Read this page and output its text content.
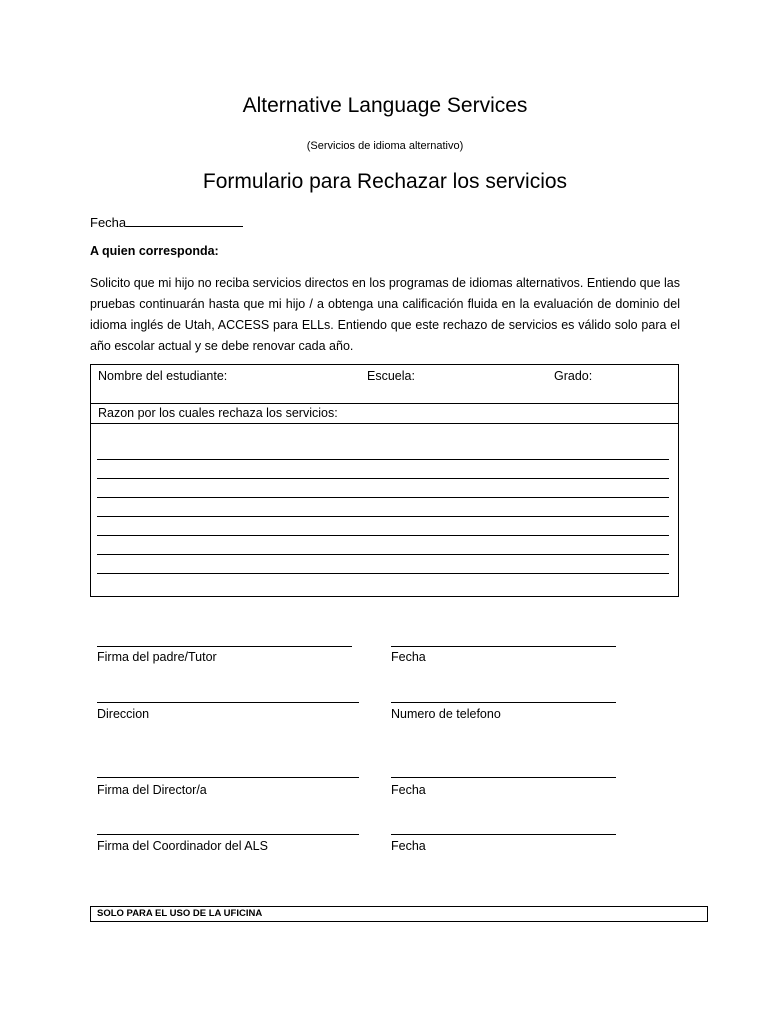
Alternative Language Services
(Servicios de idioma alternativo)
Formulario para Rechazar los servicios
Fecha
A quien corresponda:
Solicito que mi hijo no reciba servicios directos en los programas de idiomas alternativos. Entiendo que las pruebas continuarán hasta que mi hijo / a obtenga una calificación fluida en la evaluación de dominio del idioma inglés de Utah, ACCESS para ELLs. Entiendo que este rechazo de servicios es válido solo para el año escolar actual y se debe renovar cada año.
Nombre del estudiante:	Escuela:	Grado:
Razon por los cuales rechaza los servicios:
Firma del padre/Tutor	Fecha
Direccion	Numero de telefono
Firma del Director/a	Fecha
Firma del Coordinador del ALS	Fecha
SOLO PARA EL USO DE LA UFICINA
